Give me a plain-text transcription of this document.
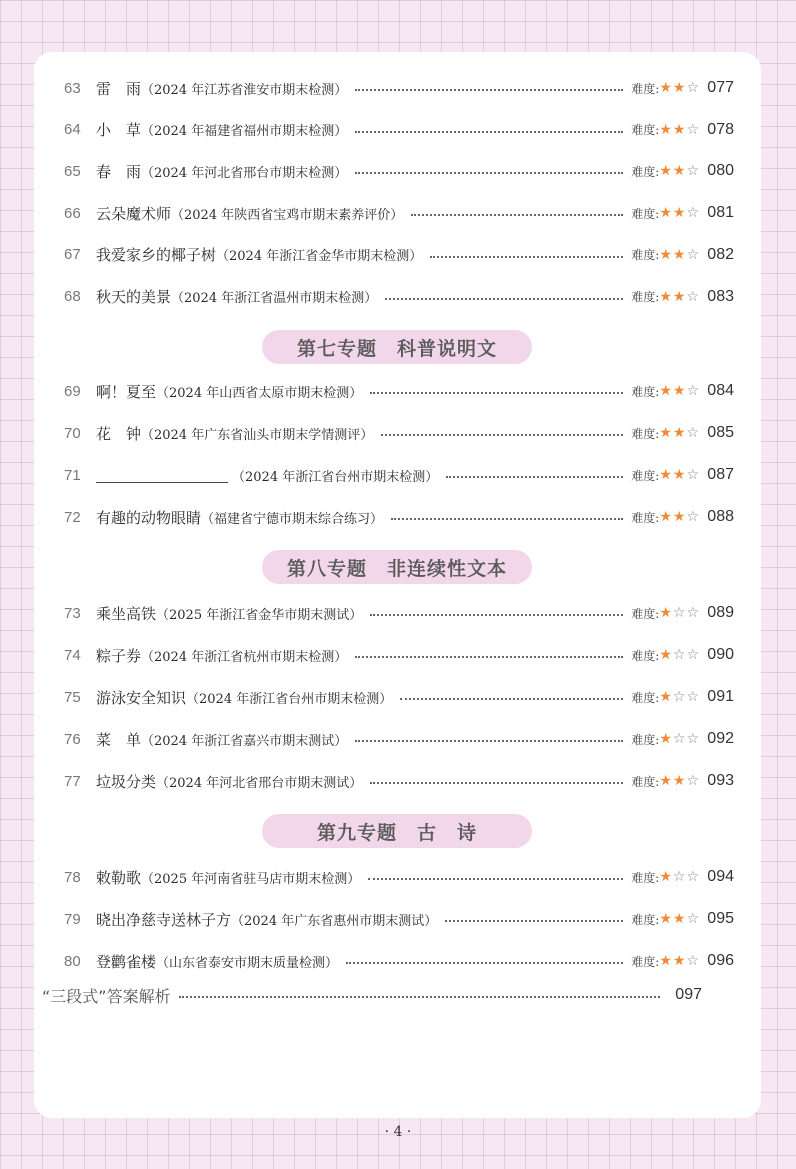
63	雷　雨 （2024 年江苏省淮安市期末检测）	难度: ★★☆ 077
64	小　草 （2024 年福建省福州市期末检测）	难度: ★★☆ 078
65	春　雨 （2024 年河北省邢台市期末检测）	难度: ★★☆ 080
66	云朵魔术师 （2024 年陕西省宝鸡市期末素养评价）	难度: ★★☆ 081
67	我爱家乡的椰子树 （2024 年浙江省金华市期末检测）	难度: ★★☆ 082
68	秋天的美景 （2024 年浙江省温州市期末检测）	难度: ★★☆ 083
第七专题　科普说明文
69	啊！夏至 （2024 年山西省太原市期末检测）	难度: ★★☆ 084
70	花　钟 （2024 年广东省汕头市期末学情测评）	难度: ★★☆ 085
71	（2024 年浙江省台州市期末检测）	难度: ★★☆ 087
72	有趣的动物眼睛 （福建省宁德市期末综合练习）	难度: ★★☆ 088
第八专题　非连续性文本
73	乘坐高铁 （2025 年浙江省金华市期末测试）	难度: ★☆☆ 089
74	粽子券 （2024 年浙江省杭州市期末检测）	难度: ★☆☆ 090
75	游泳安全知识 （2024 年浙江省台州市期末检测）	难度: ★☆☆ 091
76	菜　单 （2024 年浙江省嘉兴市期末测试）	难度: ★☆☆ 092
77	垃圾分类 （2024 年河北省邢台市期末测试）	难度: ★★☆ 093
第九专题　古　诗
78	敕勒歌 （2025 年河南省驻马店市期末检测）	难度: ★☆☆ 094
79	晓出净慈寺送林子方 （2024 年广东省惠州市期末测试）	难度: ★★☆ 095
80	登鹳雀楼 （山东省泰安市期末质量检测）	难度: ★★☆ 096
“三段式”答案解析	097
· 4 ·
